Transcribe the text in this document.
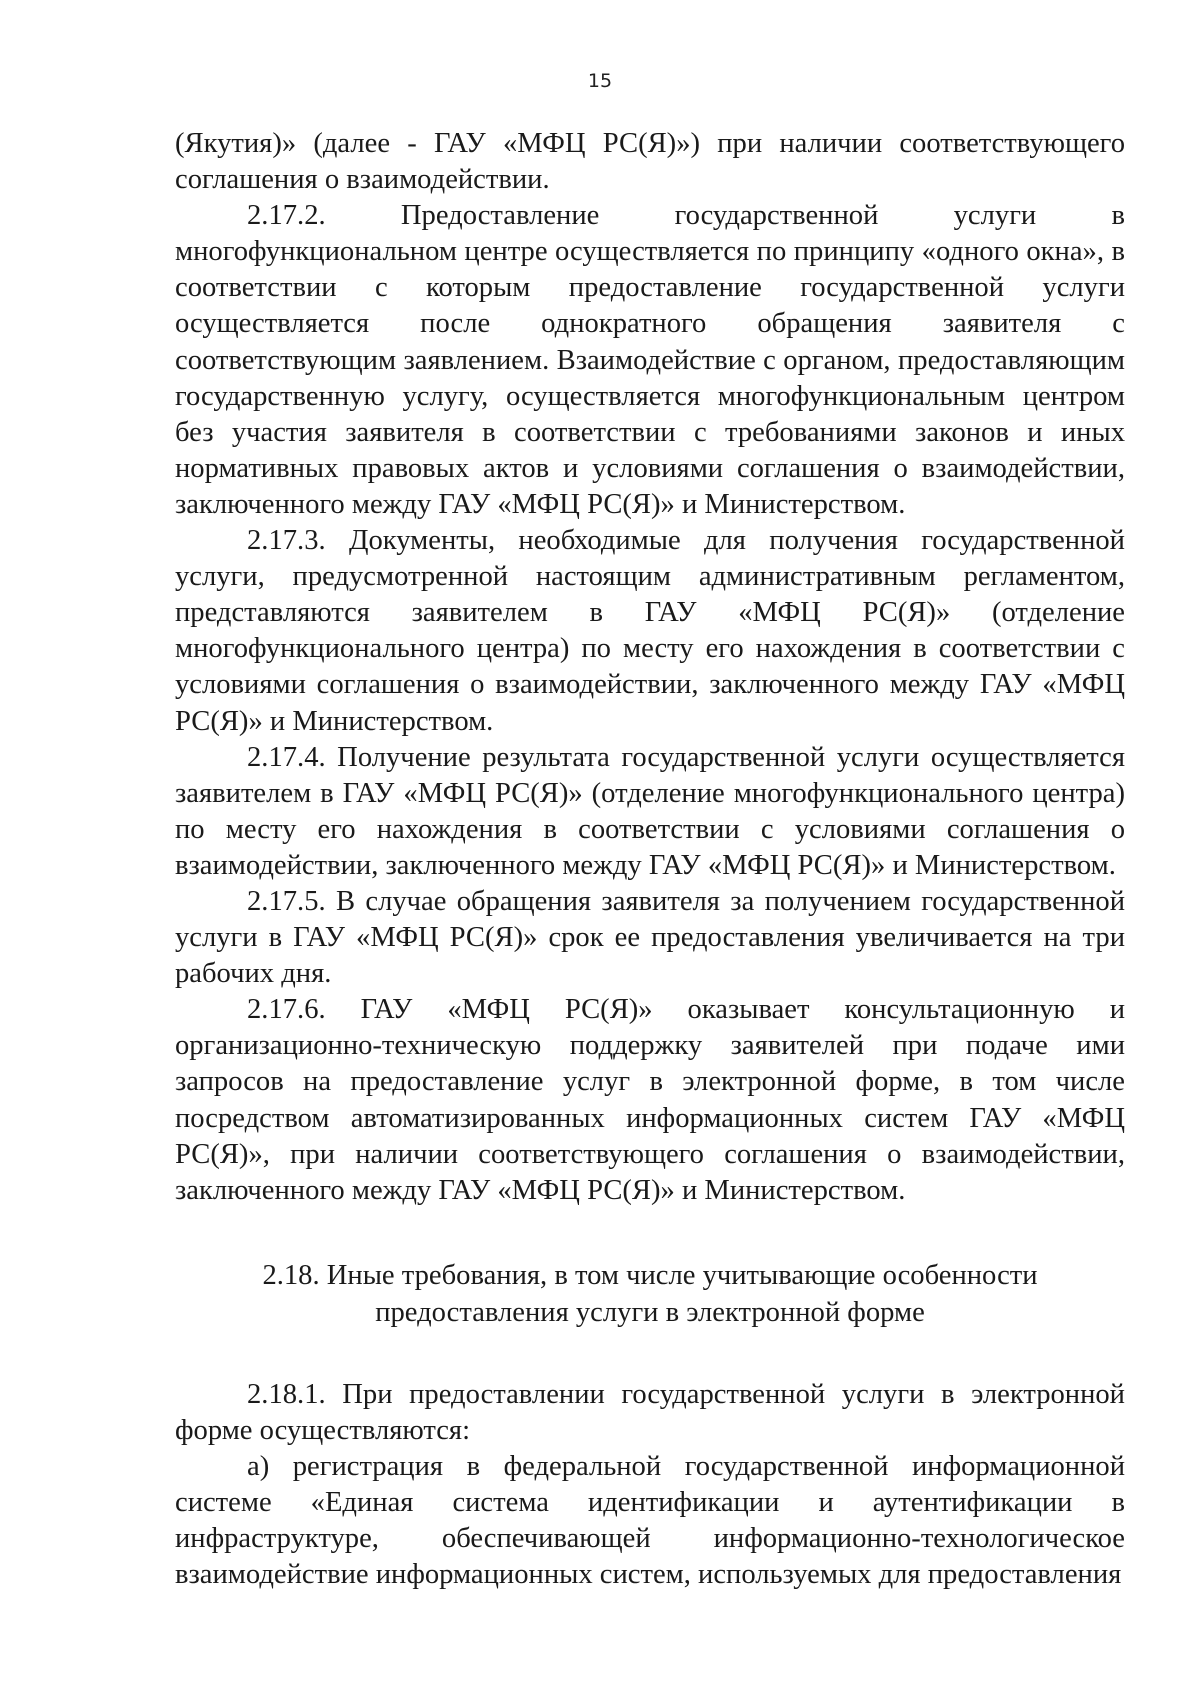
15

(Якутия)» (далее - ГАУ «МФЦ РС(Я)») при наличии соответствующего соглашения о взаимодействии.

2.17.2. Предоставление государственной услуги в многофункциональном центре осуществляется по принципу «одного окна», в соответствии с которым предоставление государственной услуги осуществляется после однократного обращения заявителя с соответствующим заявлением. Взаимодействие с органом, предоставляющим государственную услугу, осуществляется многофункциональным центром без участия заявителя в соответствии с требованиями законов и иных нормативных правовых актов и условиями соглашения о взаимодействии, заключенного между ГАУ «МФЦ РС(Я)» и Министерством.

2.17.3. Документы, необходимые для получения государственной услуги, предусмотренной настоящим административным регламентом, представляются заявителем в ГАУ «МФЦ РС(Я)» (отделение многофункционального центра) по месту его нахождения в соответствии с условиями соглашения о взаимодействии, заключенного между ГАУ «МФЦ РС(Я)» и Министерством.

2.17.4. Получение результата государственной услуги осуществляется заявителем в ГАУ «МФЦ РС(Я)» (отделение многофункционального центра) по месту его нахождения в соответствии с условиями соглашения о взаимодействии, заключенного между ГАУ «МФЦ РС(Я)» и Министерством.

2.17.5. В случае обращения заявителя за получением государственной услуги в ГАУ «МФЦ РС(Я)» срок ее предоставления увеличивается на три рабочих дня.

2.17.6. ГАУ «МФЦ РС(Я)» оказывает консультационную и организационно-техническую поддержку заявителей при подаче ими запросов на предоставление услуг в электронной форме, в том числе посредством автоматизированных информационных систем ГАУ «МФЦ РС(Я)», при наличии соответствующего соглашения о взаимодействии, заключенного между ГАУ «МФЦ РС(Я)» и Министерством.

2.18. Иные требования, в том числе учитывающие особенности
предоставления услуги в электронной форме

2.18.1. При предоставлении государственной услуги в электронной форме осуществляются:

а) регистрация в федеральной государственной информационной системе «Единая система идентификации и аутентификации в инфраструктуре, обеспечивающей информационно-технологическое взаимодействие информационных систем, используемых для предоставления
